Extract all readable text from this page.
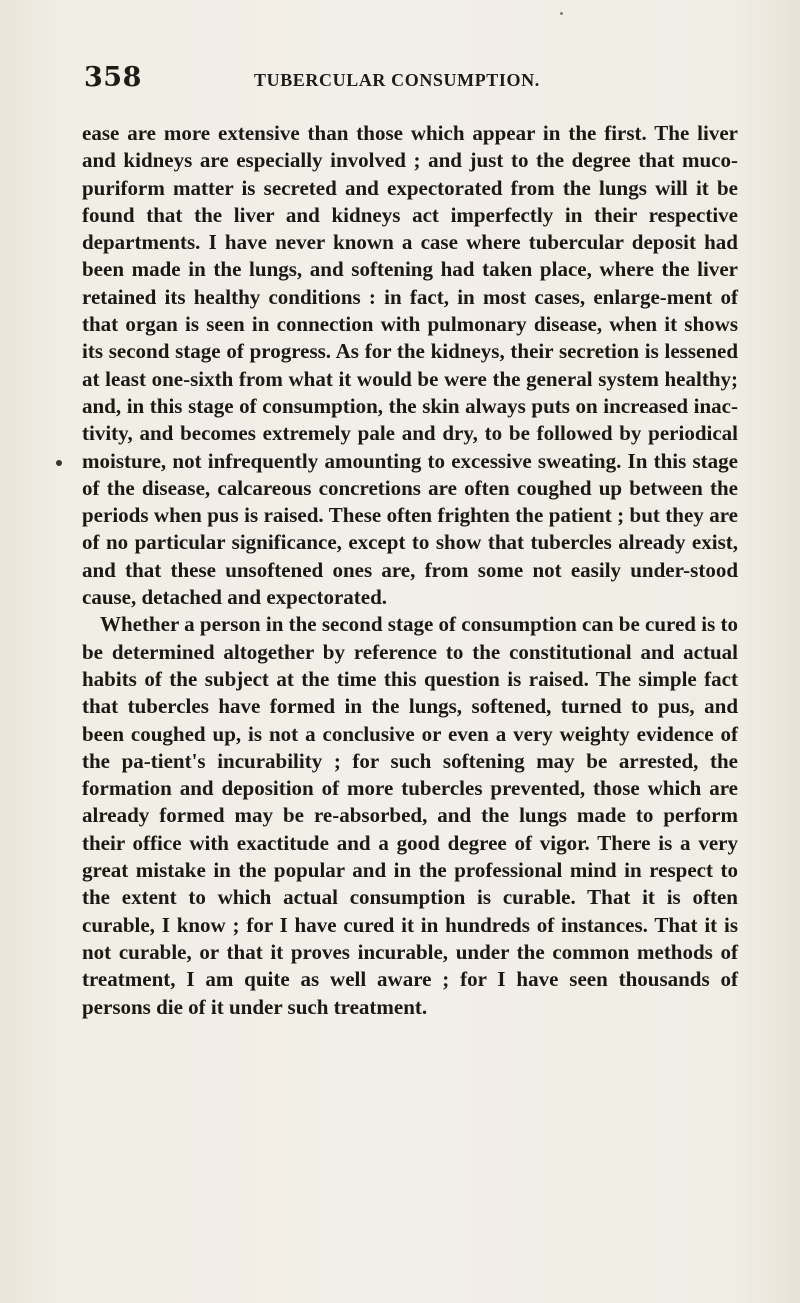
358	TUBERCULAR CONSUMPTION.

ease are more extensive than those which appear in the first. The liver and kidneys are especially involved ; and just to the degree that muco-puriform matter is secreted and expectorated from the lungs will it be found that the liver and kidneys act imperfectly in their respective departments. I have never known a case where tubercular deposit had been made in the lungs, and softening had taken place, where the liver retained its healthy conditions : in fact, in most cases, enlarge-ment of that organ is seen in connection with pulmonary disease, when it shows its second stage of progress. As for the kidneys, their secretion is lessened at least one-sixth from what it would be were the general system healthy; and, in this stage of consumption, the skin always puts on increased inac-tivity, and becomes extremely pale and dry, to be followed by periodical moisture, not infrequently amounting to excessive sweating. In this stage of the disease, calcareous concretions are often coughed up between the periods when pus is raised. These often frighten the patient ; but they are of no particular significance, except to show that tubercles already exist, and that these unsoftened ones are, from some not easily under-stood cause, detached and expectorated.

Whether a person in the second stage of consumption can be cured is to be determined altogether by reference to the constitutional and actual habits of the subject at the time this question is raised. The simple fact that tubercles have formed in the lungs, softened, turned to pus, and been coughed up, is not a conclusive or even a very weighty evidence of the pa-tient's incurability ; for such softening may be arrested, the formation and deposition of more tubercles prevented, those which are already formed may be re-absorbed, and the lungs made to perform their office with exactitude and a good degree of vigor. There is a very great mistake in the popular and in the professional mind in respect to the extent to which actual consumption is curable. That it is often curable, I know ; for I have cured it in hundreds of instances. That it is not curable, or that it proves incurable, under the common methods of treatment, I am quite as well aware ; for I have seen thousands of persons die of it under such treatment.
